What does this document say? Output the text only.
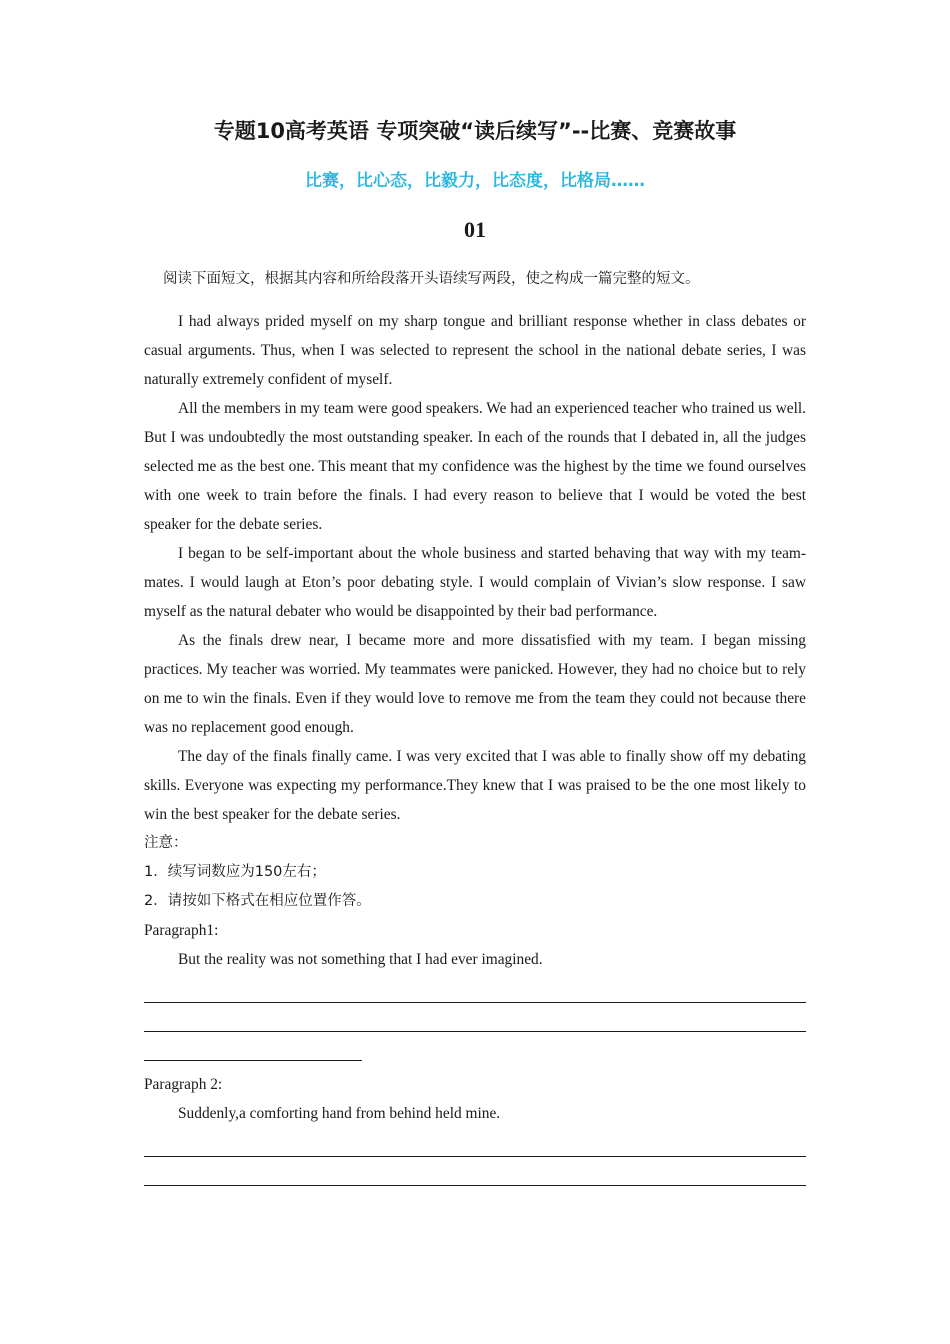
专题10高考英语 专项突破“读后续写”--比赛、竞赛故事
比赛，比心态，比毅力，比态度，比格局……
01
阅读下面短文，根据其内容和所给段落开头语续写两段，使之构成一篇完整的短文。

I had always prided myself on my sharp tongue and brilliant response whether in class debates or casual arguments. Thus, when I was selected to represent the school in the national debate series, I was naturally extremely confident of myself.

All the members in my team were good speakers. We had an experienced teacher who trained us well. But I was undoubtedly the most outstanding speaker. In each of the rounds that I debated in, all the judges selected me as the best one. This meant that my confidence was the highest by the time we found ourselves with one week to train before the finals. I had every reason to believe that I would be voted the best speaker for the debate series.

I began to be self-important about the whole business and started behaving that way with my team-mates. I would laugh at Eton’s poor debating style. I would complain of Vivian’s slow response. I saw myself as the natural debater who would be disappointed by their bad performance.

As the finals drew near, I became more and more dissatisfied with my team. I began missing practices. My teacher was worried. My teammates were panicked. However, they had no choice but to rely on me to win the finals. Even if they would love to remove me from the team they could not because there was no replacement good enough.

The day of the finals finally came. I was very excited that I was able to finally show off my debating skills. Everyone was expecting my performance.They knew that I was praised to be the one most likely to win the best speaker for the debate series.

注意：

1．续写词数应为150左右；

2．请按如下格式在相应位置作答。

Paragraph1:

But the reality was not something that I had ever imagined.

Paragraph 2:

Suddenly,a comforting hand from behind held mine.
